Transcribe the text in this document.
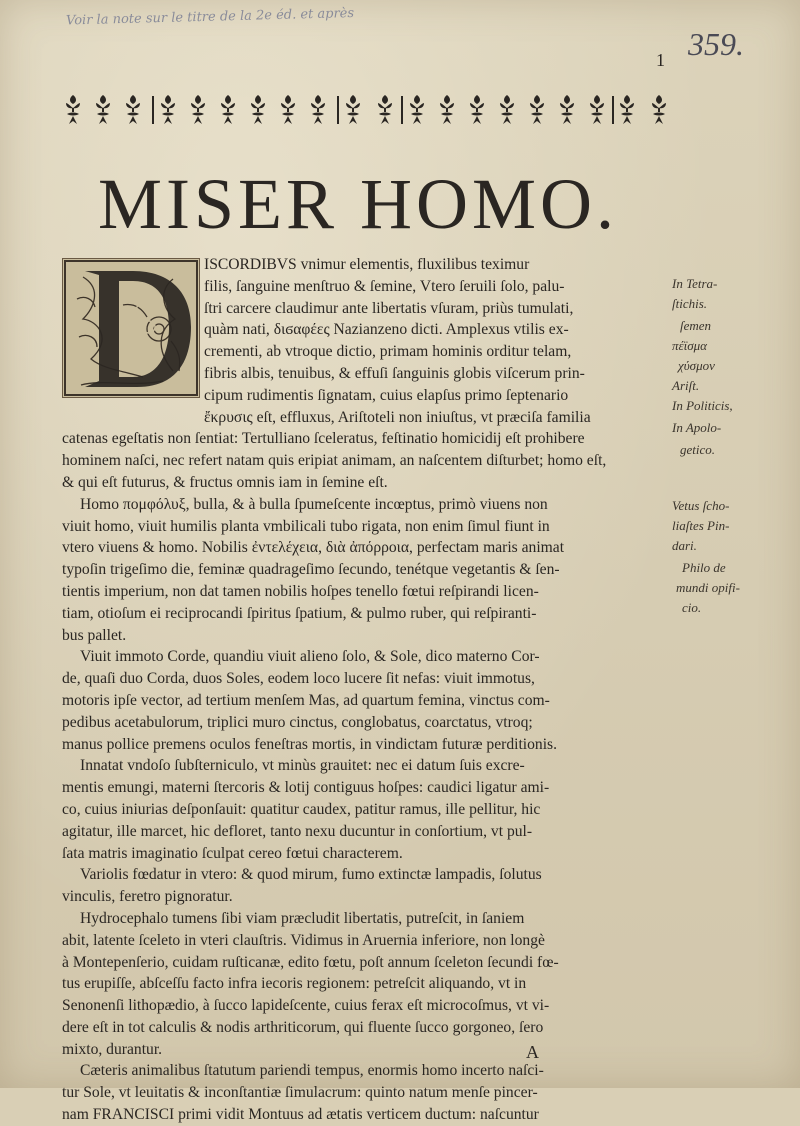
Voir la note sur le titre de la 2e éd. et après
359.
1
MISER HOMO.
ISCORDIBVS vnimur elementis, fluxilibus teximur
filis, ſanguine menſtruo & ſemine, Vtero ſeruili ſolo, palu-
ſtri carcere claudimur ante libertatis vſuram, priùs tumulati,
quàm nati, διϭαφέες Nazianzeno dicti. Amplexus vtilis ex-
crementi, ab vtroque dictio, primam hominis orditur telam,
fibris albis, tenuibus, & effuſi ſanguinis globis viſcerum prin-
cipum rudimentis ſignatam, cuius elapſus primo ſeptenario
ἔκρυσις eſt, effluxus, Ariſtoteli non iniuſtus, vt præciſa familia
catenas egeſtatis non ſentiat: Tertulliano ſceleratus, feſtinatio homicidij eſt prohibere
hominem naſci, nec refert natam quis eripiat animam, an naſcentem diſturbet; homo eſt,
& qui eſt futurus, & fructus omnis iam in ſemine eſt.
Homo πομφόλυξ, bulla, & à bulla ſpumeſcente incœptus, primò viuens non
viuit homo, viuit humilis planta vmbilicali tubo rigata, non enim ſimul fiunt in
vtero viuens & homo. Nobilis ἐντελέχεια, διὰ ἀπόρροια, perfectam maris animat
typoſin trigeſimo die, feminæ quadrageſimo ſecundo, tenétque vegetantis & ſen-
tientis imperium, non dat tamen nobilis hoſpes tenello fœtui reſpirandi licen-
tiam, otioſum ei reciprocandi ſpiritus ſpatium, & pulmo ruber, qui reſpiranti-
bus pallet.
Viuit immoto Corde, quandiu viuit alieno ſolo, & Sole, dico materno Cor-
de, quaſi duo Corda, duos Soles, eodem loco lucere ſit nefas: viuit immotus,
motoris ipſe vector, ad tertium menſem Mas, ad quartum femina, vinctus com-
pedibus acetabulorum, triplici muro cinctus, conglobatus, coarctatus, vtroq;
manus pollice premens oculos feneſtras mortis, in vindictam futuræ perditionis.
Innatat vndoſo ſubſterniculo, vt minùs grauitet: nec ei datum ſuis excre-
mentis emungi, materni ſtercoris & lotij contiguus hoſpes: caudici ligatur ami-
co, cuius iniurias deſponſauit: quatitur caudex, patitur ramus, ille pellitur, hic
agitatur, ille marcet, hic defloret, tanto nexu ducuntur in conſortium, vt pul-
ſata matris imaginatio ſculpat cereo fœtui characterem.
Variolis fœdatur in vtero: & quod mirum, fumo extinctæ lampadis, ſolutus
vinculis, feretro pignoratur.
Hydrocephalo tumens ſibi viam præcludit libertatis, putreſcit, in ſaniem
abit, latente ſceleto in vteri clauſtris. Vidimus in Aruernia inferiore, non longè
à Montepenſerio, cuidam ruſticanæ, edito fœtu, poſt annum ſceleton ſecundi fœ-
tus erupiſſe, abſceſſu facto infra iecoris regionem: petreſcit aliquando, vt in
Senonenſi lithopædio, à ſucco lapideſcente, cuius ferax eſt microcoſmus, vt vi-
dere eſt in tot calculis & nodis arthriticorum, qui fluente ſucco gorgoneo, ſero
mixto, durantur.
Cæteris animalibus ſtatutum pariendi tempus, enormis homo incerto naſci-
tur Sole, vt leuitatis & inconſtantiæ ſimulacrum: quinto natum menſe pincer-
nam FRANCISCI primi vidit Montuus ad ætatis verticem ductum: naſcuntur
In Tetra-
ſtichis.
ſemen
πέϊσμα
χύσμον
Ariſt.
In Politicis,
In Apolo-
getico.
Vetus ſcho-
liaſtes Pin-
dari.
Philo de
mundi opifi-
cio.
A
